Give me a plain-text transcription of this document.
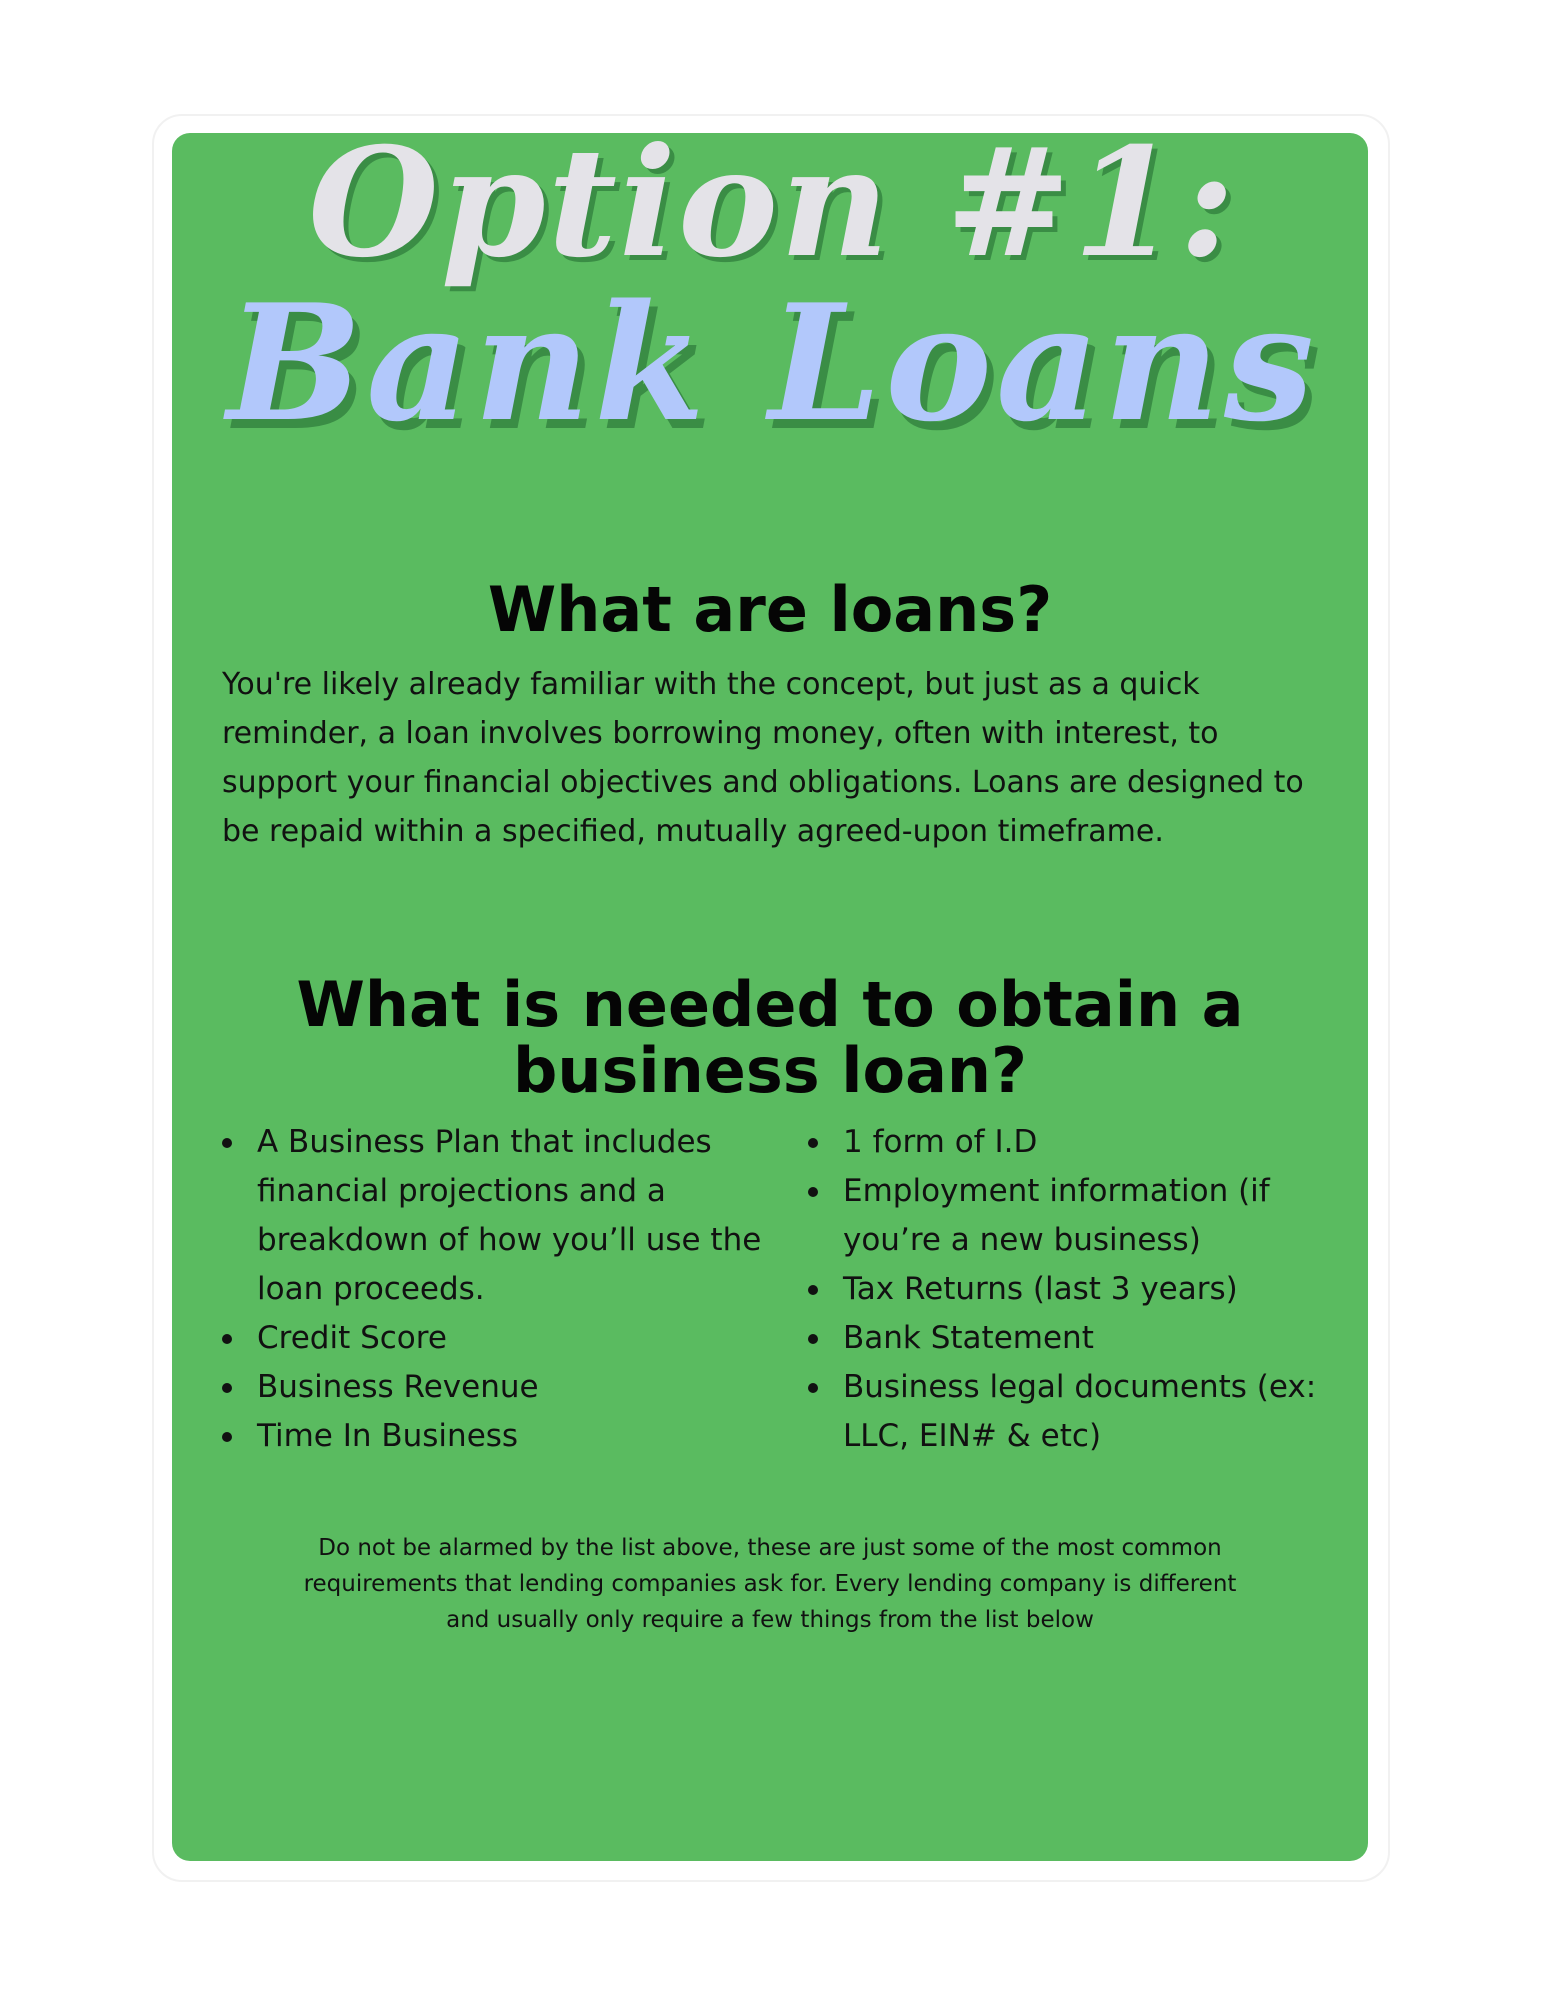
Option #1:
Bank Loans
What are loans?

You're likely already familiar with the concept, but just as a quick reminder, a loan involves borrowing money, often with interest, to support your financial objectives and obligations. Loans are designed to be repaid within a specified, mutually agreed-upon timeframe.

What is needed to obtain a
business loan?
A Business Plan that includes financial projections and a breakdown of how you’ll use the loan proceeds.
Credit Score
Business Revenue
Time In Business
1 form of I.D
Employment information (if you’re a new business)
Tax Returns (last 3 years)
Bank Statement
Business legal documents (ex: LLC, EIN# & etc)

Do not be alarmed by the list above, these are just some of the most common
requirements that lending companies ask for. Every lending company is different
and usually only require a few things from the list below
